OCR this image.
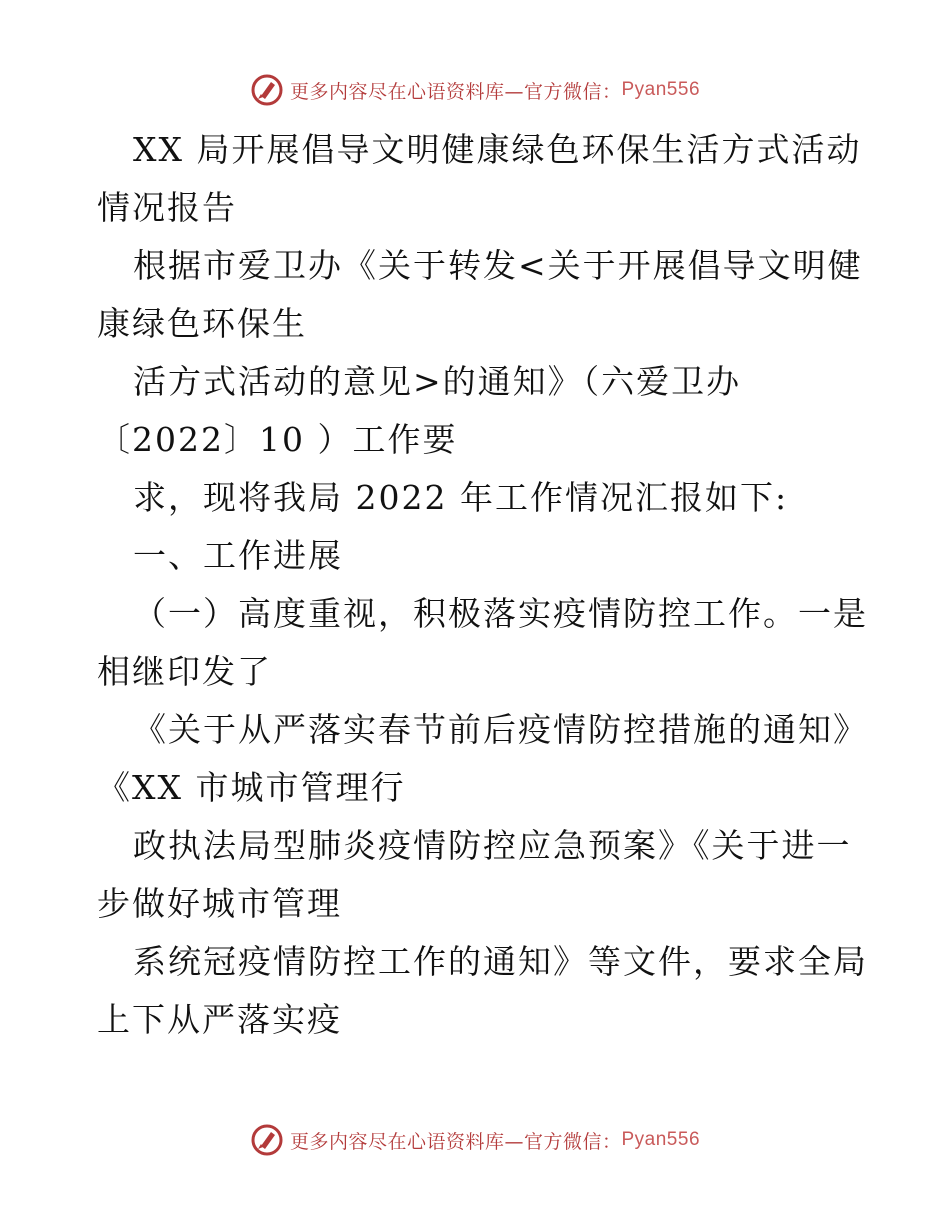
更多内容尽在心语资料库—官方微信： Pyan556
XX 局开展倡导文明健康绿色环保生活方式活动
情况报告
根据市爱卫办《关于转发<关于开展倡导文明健
康绿色环保生
活方式活动的意见>的通知》（六爱卫办
〔2022〕10 ）工作要
求，现将我局 2022 年工作情况汇报如下:
一、工作进展
（一）高度重视，积极落实疫情防控工作。一是
相继印发了
《关于从严落实春节前后疫情防控措施的通知》
《XX 市城市管理行
政执法局型肺炎疫情防控应急预案》《关于进一
步做好城市管理
系统冠疫情防控工作的通知》等文件，要求全局
上下从严落实疫
更多内容尽在心语资料库—官方微信： Pyan556
